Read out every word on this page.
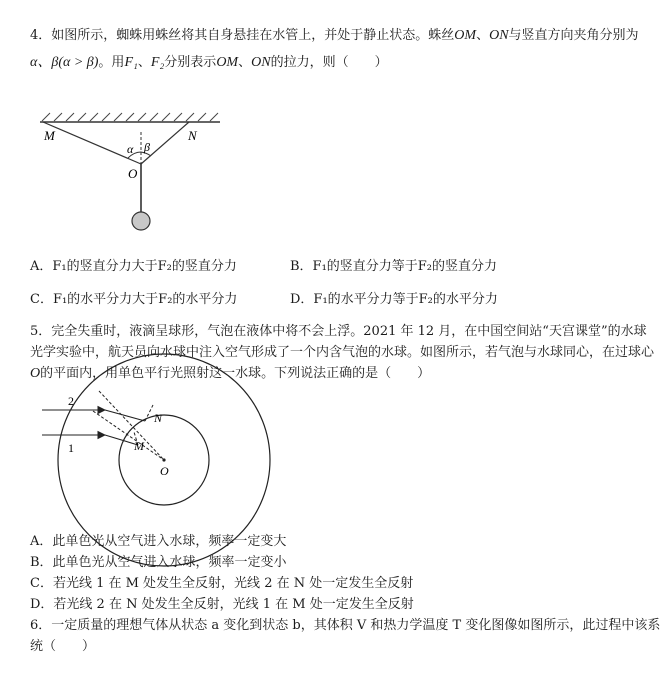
4．如图所示，蜘蛛用蛛丝将其自身悬挂在水管上，并处于静止状态。蛛丝OM、ON与竖直方向夹角分别为
α、β(α > β)。用F₁、F₂分别表示OM、ON的拉力，则（　　）
M	N
α β
O
A．F₁的竖直分力大于F₂的竖直分力	B．F₁的竖直分力等于F₂的竖直分力
C．F₁的水平分力大于F₂的水平分力	D．F₁的水平分力等于F₂的水平分力
5．完全失重时，液滴呈球形，气泡在液体中将不会上浮。2021 年 12 月，在中国空间站“天宫课堂”的水球
光学实验中，航天员向水球中注入空气形成了一个内含气泡的水球。如图所示，若气泡与水球同心，在过球心
O的平面内，用单色平行光照射这一水球。下列说法正确的是（　　）
2
1
N
M
O
A．此单色光从空气进入水球，频率一定变大
B．此单色光从空气进入水球，频率一定变小
C．若光线 1 在 M 处发生全反射，光线 2 在 N 处一定发生全反射
D．若光线 2 在 N 处发生全反射，光线 1 在 M 处一定发生全反射
6．一定质量的理想气体从状态 a 变化到状态 b，其体积 V 和热力学温度 T 变化图像如图所示，此过程中该系
统（　　）
